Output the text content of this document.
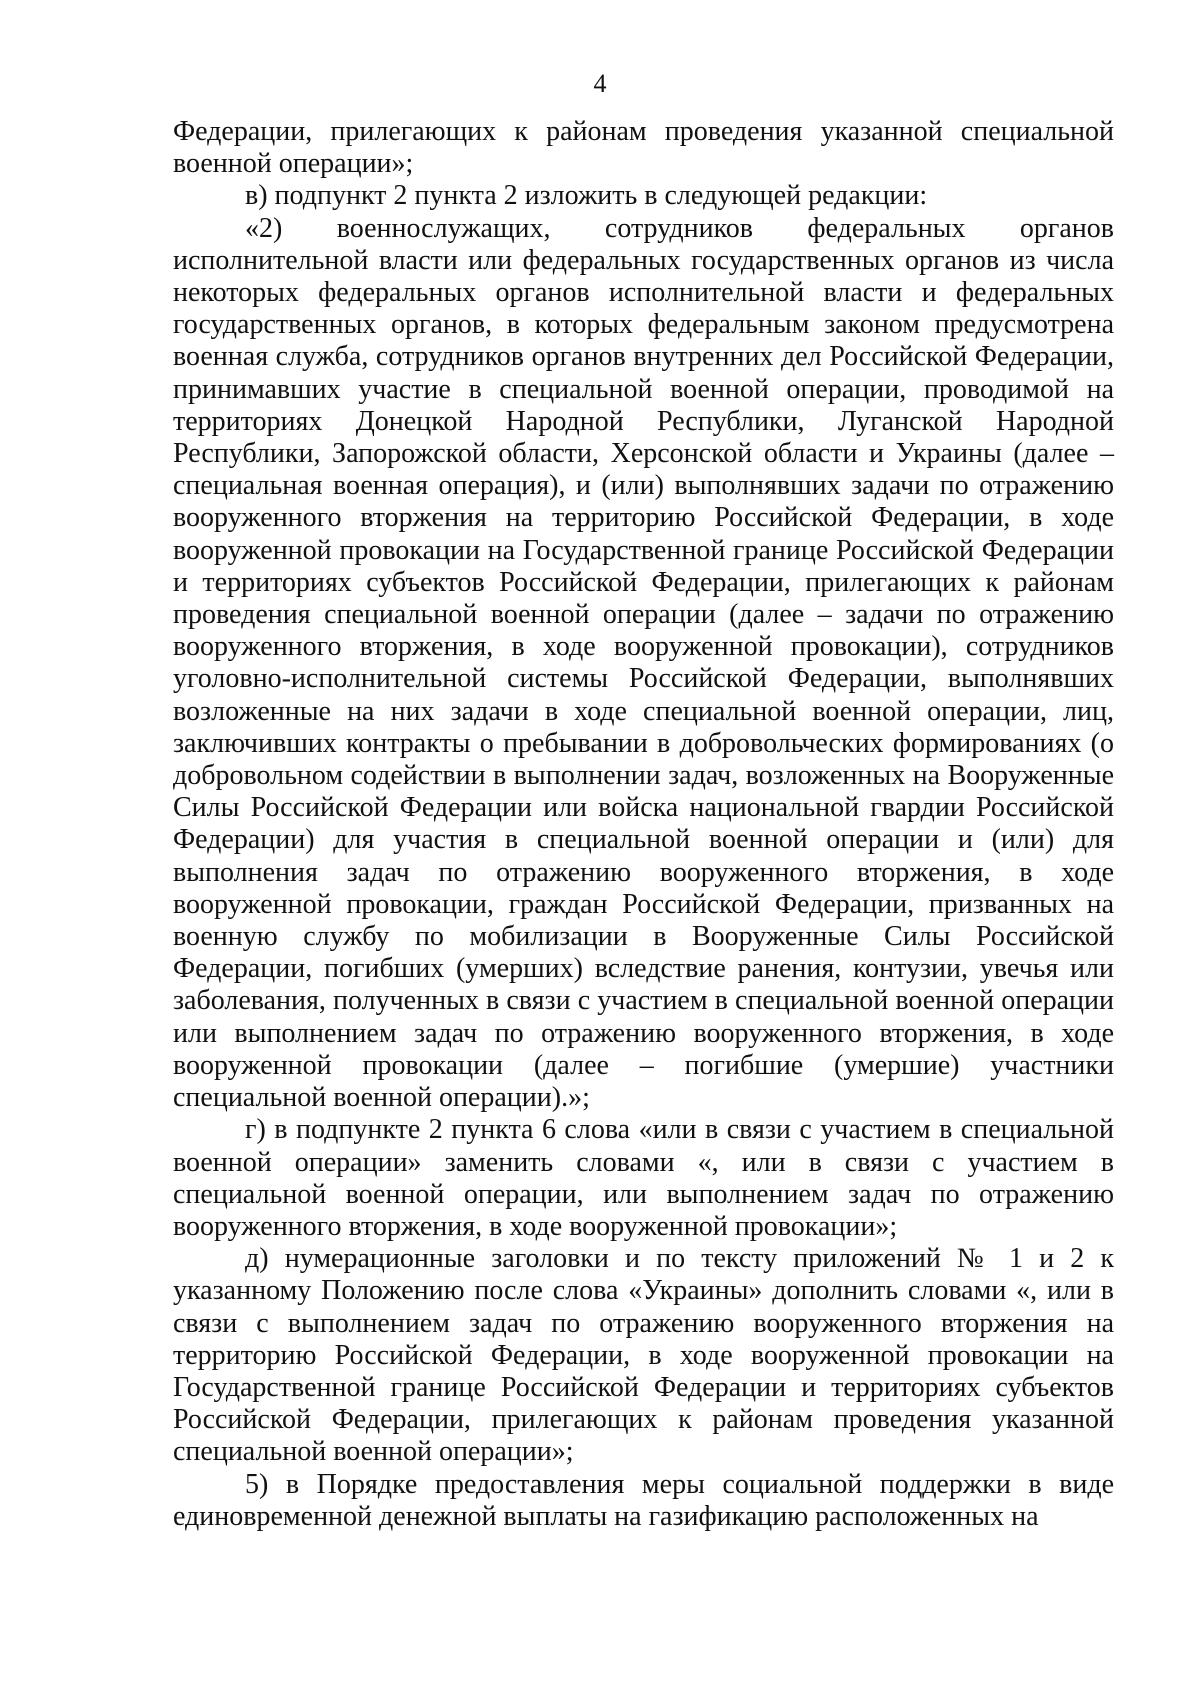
4

Федерации, прилегающих к районам проведения указанной специальной военной операции»;

в) подпункт 2 пункта 2 изложить в следующей редакции:

«2) военнослужащих, сотрудников федеральных органов исполнительной власти или федеральных государственных органов из числа некоторых федеральных органов исполнительной власти и федеральных государственных органов, в которых федеральным законом предусмотрена военная служба, сотрудников органов внутренних дел Российской Федерации, принимавших участие в специальной военной операции, проводимой на территориях Донецкой Народной Республики, Луганской Народной Республики, Запорожской области, Херсонской области и Украины (далее – специальная военная операция), и (или) выполнявших задачи по отражению вооруженного вторжения на территорию Российской Федерации, в ходе вооруженной провокации на Государственной границе Российской Федерации и территориях субъектов Российской Федерации, прилегающих к районам проведения специальной военной операции (далее – задачи по отражению вооруженного вторжения, в ходе вооруженной провокации), сотрудников уголовно-исполнительной системы Российской Федерации, выполнявших возложенные на них задачи в ходе специальной военной операции, лиц, заключивших контракты о пребывании в добровольческих формированиях (о добровольном содействии в выполнении задач, возложенных на Вооруженные Силы Российской Федерации или войска национальной гвардии Российской Федерации) для участия в специальной военной операции и (или) для выполнения задач по отражению вооруженного вторжения, в ходе вооруженной провокации, граждан Российской Федерации, призванных на военную службу по мобилизации в Вооруженные Силы Российской Федерации, погибших (умерших) вследствие ранения, контузии, увечья или заболевания, полученных в связи с участием в специальной военной операции или выполнением задач по отражению вооруженного вторжения, в ходе вооруженной провокации (далее – погибшие (умершие) участники специальной военной операции).»;

г) в подпункте 2 пункта 6 слова «или в связи с участием в специальной военной операции» заменить словами «, или в связи с участием в специальной военной операции, или выполнением задач по отражению вооруженного вторжения, в ходе вооруженной провокации»;

д) нумерационные заголовки и по тексту приложений № 1 и 2 к указанному Положению после слова «Украины» дополнить словами «, или в связи с выполнением задач по отражению вооруженного вторжения на территорию Российской Федерации, в ходе вооруженной провокации на Государственной границе Российской Федерации и территориях субъектов Российской Федерации, прилегающих к районам проведения указанной специальной военной операции»;

5) в Порядке предоставления меры социальной поддержки в виде единовременной денежной выплаты на газификацию расположенных на
